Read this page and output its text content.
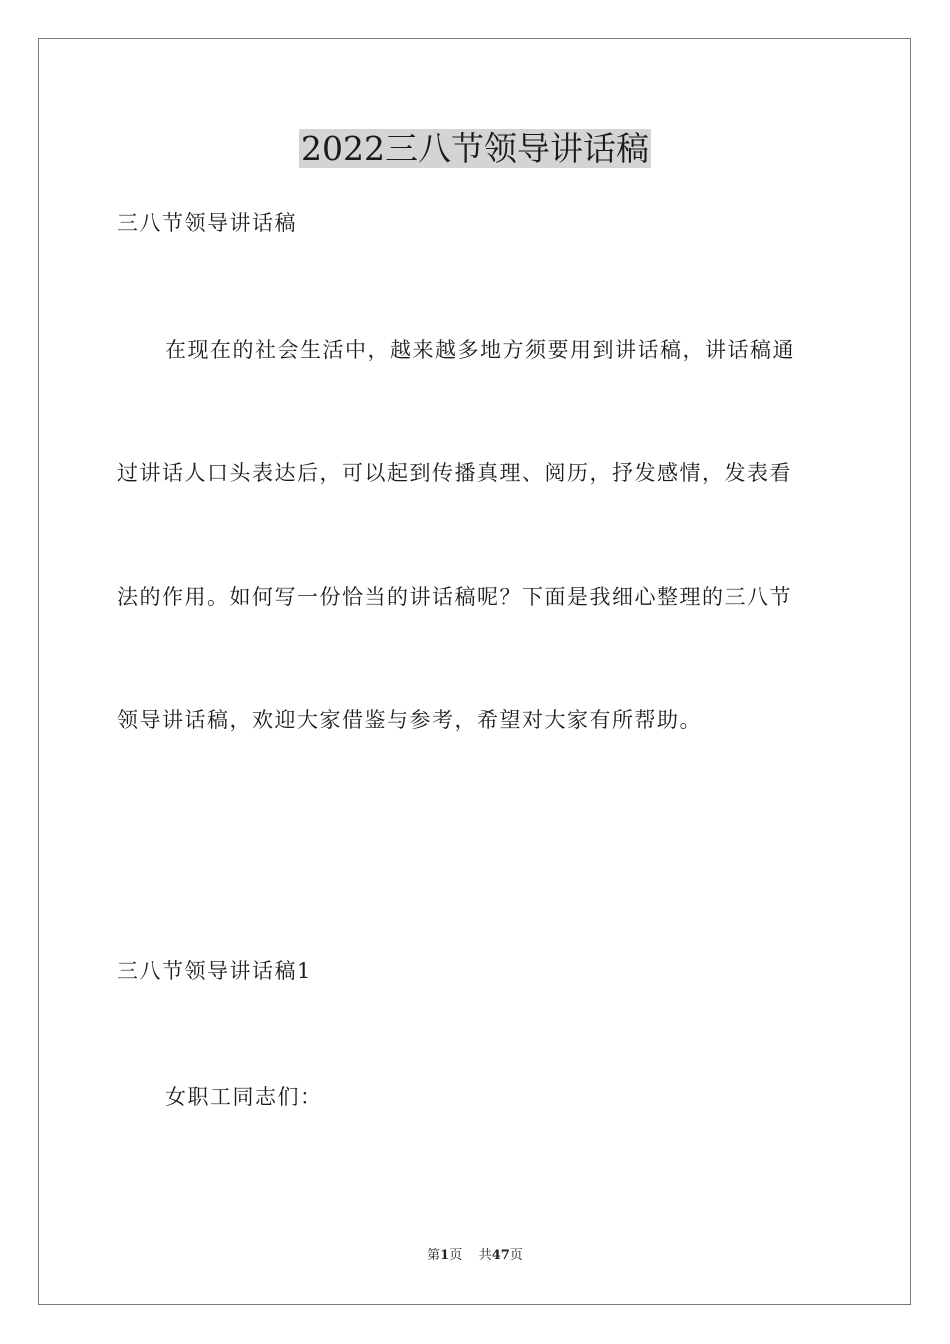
2022三八节领导讲话稿
三八节领导讲话稿
在现在的社会生活中，越来越多地方须要用到讲话稿，讲话稿通
过讲话人口头表达后，可以起到传播真理、阅历，抒发感情，发表看
法的作用。如何写一份恰当的讲话稿呢？下面是我细心整理的三八节
领导讲话稿，欢迎大家借鉴与参考，希望对大家有所帮助。
三八节领导讲话稿1
女职工同志们：
第1页 共47页
